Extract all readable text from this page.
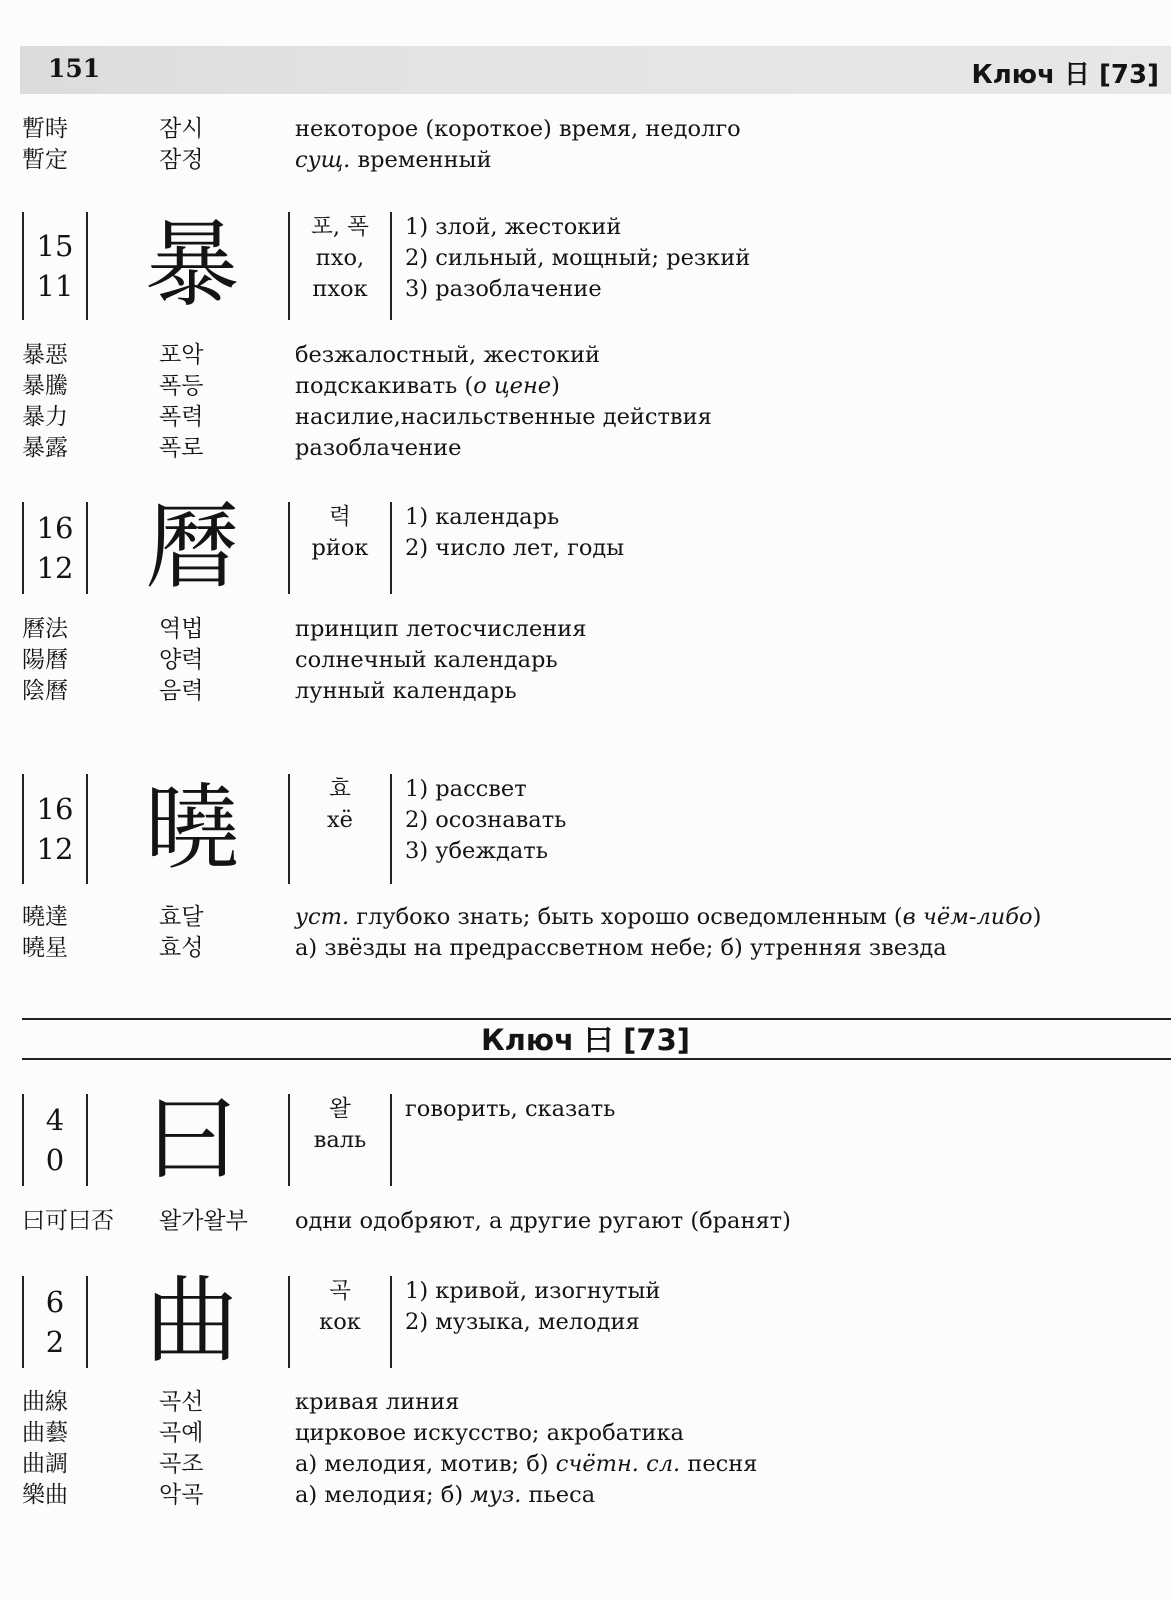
151	Ключ 日 [73]
Ключ 曰 [73]
暫時	잠시	некоторое (короткое) время, недолго
暫定	잠정	сущ. временный
15
11 暴	포, 폭
пхо,
пхок
1) злой, жестокий
2) сильный, мощный; резкий
3) разоблачение
暴惡	포악	безжалостный, жестокий
暴騰	폭등	подскакивать (о цене)
暴力	폭력	насилие,насильственные действия
暴露	폭로	разоблачение
16
12 曆	력
рйок
1) календарь
2) число лет, годы
曆法	역법	принцип летосчисления
陽曆	양력	солнечный календарь
陰曆	음력	лунный календарь
16
12 曉	효
хё
1) рассвет
2) осознавать
3) убеждать
曉達	효달	уст. глубоко знать; быть хорошо осведомленным (в чём-либо)
曉星	효성	а) звёзды на предрассветном небе; б) утренняя звезда
4
0 曰	왈
валь
говорить, сказать
曰可曰否 왈가왈부 одни одобряют, а другие ругают (бранят)
6
2 曲	곡
кок
1) кривой, изогнутый
2) музыка, мелодия
曲線	곡선	кривая линия
曲藝	곡예	цирковое искусство; акробатика
曲調	곡조	а) мелодия, мотив; б) счётн. сл. песня
樂曲	악곡	а) мелодия; б) муз. пьеса
